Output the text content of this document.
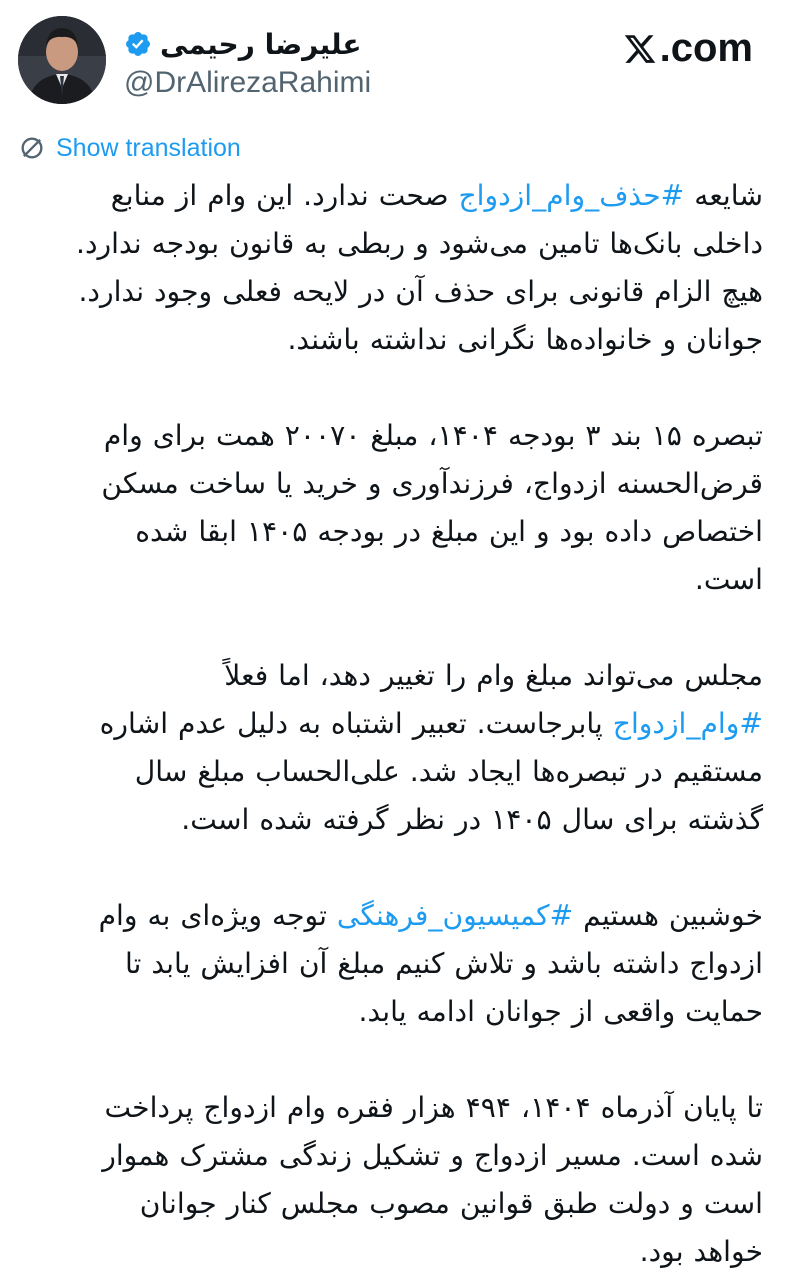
علیرضا رحیمی
@DrAlirezaRahimi
.com
Show translation
شایعه #حذف_وام_ازدواج صحت ندارد. این وام از منابع
داخلی بانک‌ها تامین می‌شود و ربطی به قانون بودجه ندارد.
هیچ الزام قانونی برای حذف آن در لایحه فعلی وجود ندارد.
جوانان و خانواده‌ها نگرانی نداشته باشند.
تبصره ۱۵ بند ۳ بودجه ۱۴۰۴، مبلغ ۲۰۰۷۰ همت برای وام
قرض‌الحسنه ازدواج، فرزندآوری و خرید یا ساخت مسکن
اختصاص داده بود و این مبلغ در بودجه ۱۴۰۵ ابقا شده
است.
مجلس می‌تواند مبلغ وام را تغییر دهد، اما فعلاً
#وام_ازدواج پابرجاست. تعبیر اشتباه به دلیل عدم اشاره
مستقیم در تبصره‌ها ایجاد شد. علی‌الحساب مبلغ سال
گذشته برای سال ۱۴۰۵ در نظر گرفته شده است.
خوشبین هستیم #کمیسیون_فرهنگی توجه ویژه‌ای به وام
ازدواج داشته باشد و تلاش کنیم مبلغ آن افزایش یابد تا
حمایت واقعی از جوانان ادامه یابد.
تا پایان آذرماه ۱۴۰۴، ۴۹۴ هزار فقره وام ازدواج پرداخت
شده است. مسیر ازدواج و تشکیل زندگی مشترک هموار
است و دولت طبق قوانین مصوب مجلس کنار جوانان
خواهد بود.
